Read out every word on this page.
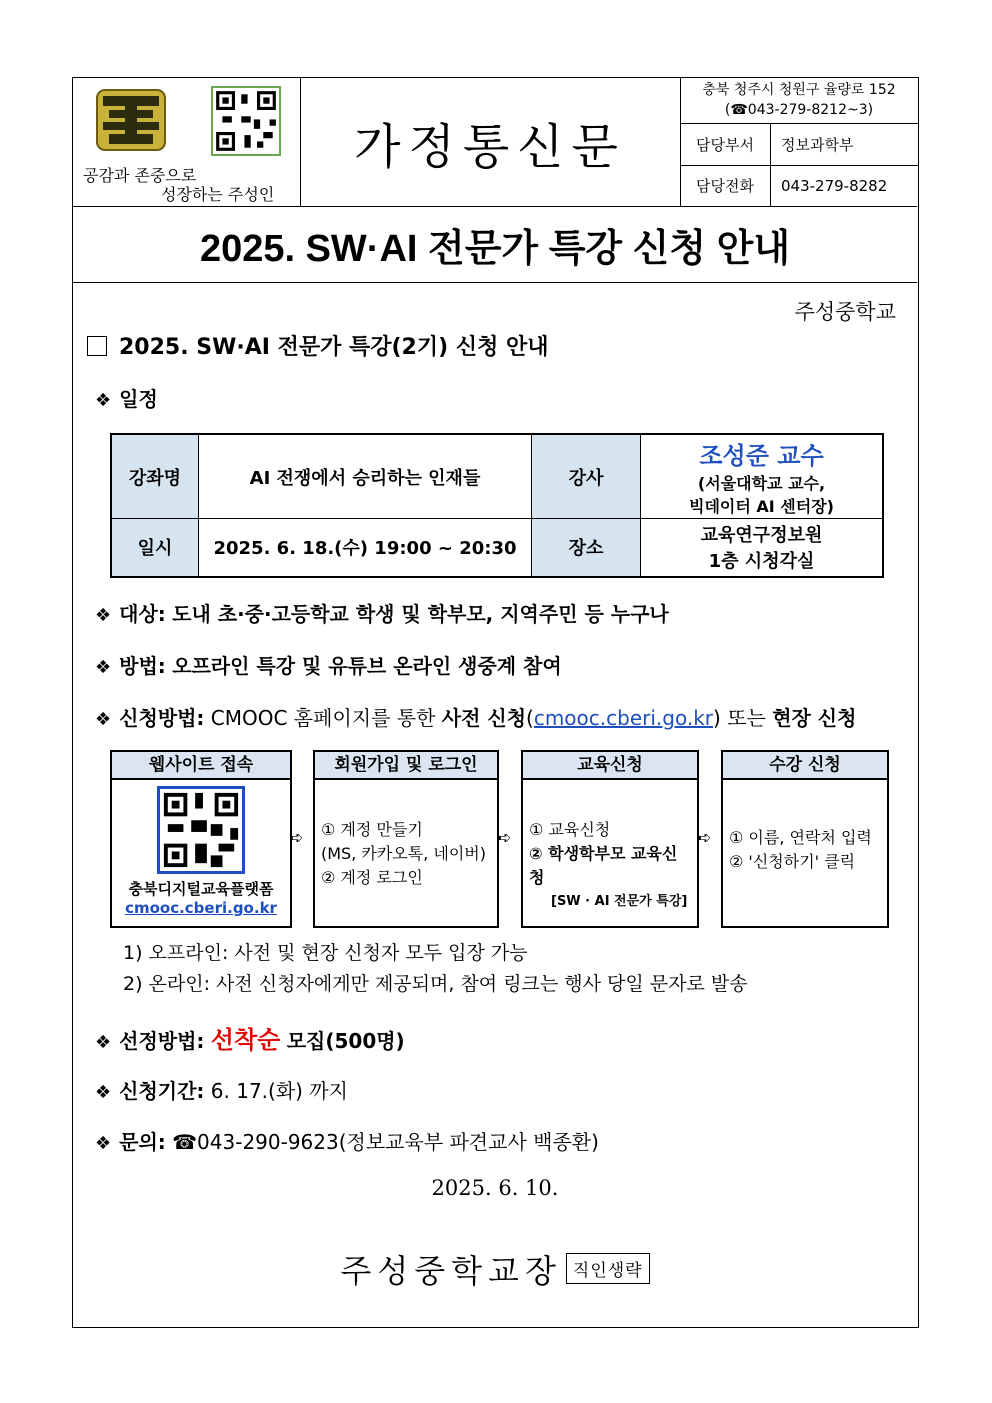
공감과 존중으로
성장하는 주성인
가정통신문
충북 청주시 청원구 율량로 152
(☎043-279-8212~3)
담당부서	정보과학부
담당전화	043-279-8282
2025. SW·AI 전문가 특강 신청 안내
주성중학교
2025. SW·AI 전문가 특강(2기) 신청 안내
❖ 일정
강좌명	AI 전쟁에서 승리하는 인재들	강사	조성준 교수
(서울대학교 교수,
빅데이터 AI 센터장)

일시	2025. 6. 18.(수) 19:00 ~ 20:30	장소	교육연구정보원
1층 시청각실
❖ 대상: 도내 초·중·고등학교 학생 및 학부모, 지역주민 등 누구나
❖ 방법: 오프라인 특강 및 유튜브 온라인 생중계 참여
❖ 신청방법: CMOOC 홈페이지를 통한 사전 신청(cmooc.cberi.go.kr) 또는 현장 신청
웹사이트 접속
충북디지털교육플랫폼
cmooc.cberi.go.kr
➪
회원가입 및 로그인
① 계정 만들기
(MS, 카카오톡, 네이버)
② 계정 로그인
➪
교육신청
① 교육신청
② 학생학부모 교육신청
[SW · AI 전문가 특강]
➪
수강 신청
① 이름, 연락처 입력
② '신청하기' 클릭
1) 오프라인: 사전 및 현장 신청자 모두 입장 가능
2) 온라인: 사전 신청자에게만 제공되며, 참여 링크는 행사 당일 문자로 발송
❖ 선정방법: 선착순 모집(500명)
❖ 신청기간: 6. 17.(화) 까지
❖ 문의: ☎043-290-9623(정보교육부 파견교사 백종환)
2025. 6. 10.
주성중학교장 직인생략
